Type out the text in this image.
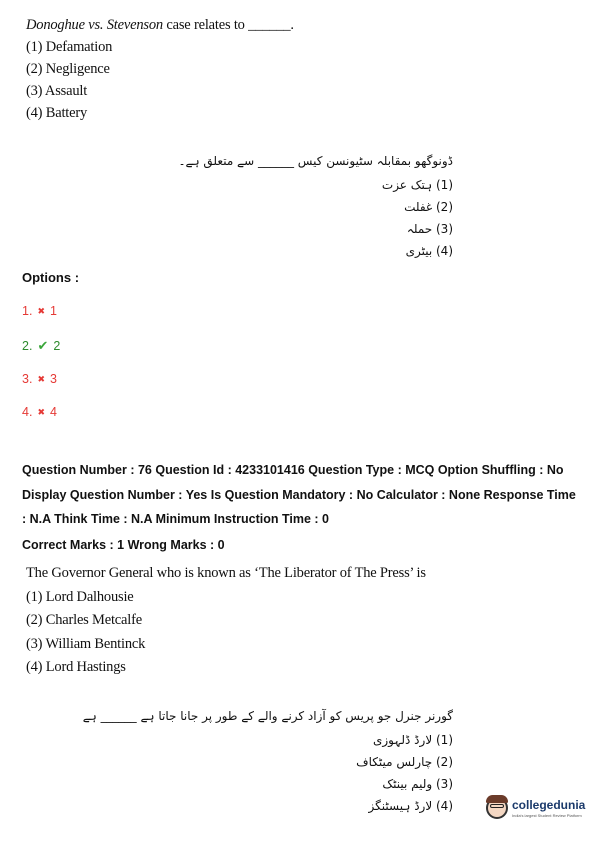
Donoghue vs. Stevenson case relates to ______.
(1) Defamation
(2) Negligence
(3) Assault
(4) Battery
ڈونوگھو بمقابلہ سٹیونسن کیس ______ سے متعلق ہے۔
(1) ہتک عزت
(2) غفلت
(3) حملہ
(4) بیٹری
Options :
1. ✖ 1
2. ✔ 2
3. ✖ 3
4. ✖ 4
Question Number : 76 Question Id : 4233101416 Question Type : MCQ Option Shuffling : No
Display Question Number : Yes Is Question Mandatory : No Calculator : None Response Time
: N.A Think Time : N.A Minimum Instruction Time : 0
Correct Marks : 1 Wrong Marks : 0
The Governor General who is known as ‘The Liberator of The Press’ is
(1) Lord Dalhousie
(2) Charles Metcalfe
(3) William Bentinck
(4) Lord Hastings
گورنر جنرل جو پریس کو آزاد کرنے والے کے طور پر جانا جاتا ہے ______ ہے
(1) لارڈ ڈلہوزی
(2) چارلس میٹکاف
(3) ولیم بینٹک
(4) لارڈ ہیسٹنگز	collegedunia
India's largest Student Review Platform
